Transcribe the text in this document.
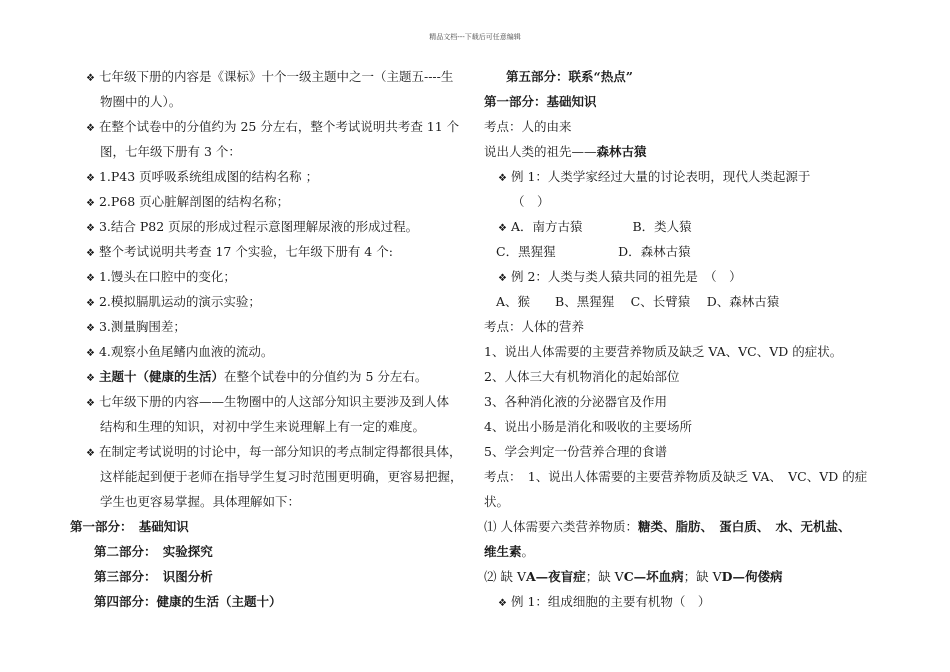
精品文档---下载后可任意编辑
❖ 七年级下册的内容是《课标》十个一级主题中之一（主题五----生
物圈中的人）。
❖ 在整个试卷中的分值约为 25 分左右，整个考试说明共考查 11 个
图，七年级下册有 3 个：
❖ 1.P43 页呼吸系统组成图的结构名称 ；
❖ 2.P68 页心脏解剖图的结构名称；
❖ 3.结合 P82 页尿的形成过程示意图理解尿液的形成过程。
❖ 整个考试说明共考查 17 个实验，七年级下册有 4 个:
❖ 1.馒头在口腔中的变化；
❖ 2.模拟膈肌运动的演示实验；
❖ 3.测量胸围差；
❖ 4.观察小鱼尾鳍内血液的流动。
❖ 主题十（健康的生活）在整个试卷中的分值约为 5 分左右。
❖ 七年级下册的内容——生物圈中的人这部分知识主要涉及到人体
结构和生理的知识，对初中学生来说理解上有一定的难度。
❖ 在制定考试说明的讨论中，每一部分知识的考点制定得都很具体，
这样能起到便于老师在指导学生复习时范围更明确，更容易把握，
学生也更容易掌握。具体理解如下：
第一部分：　基础知识
第二部分：　实验探究
第三部分：　识图分析
第四部分：健康的生活（主题十）
第五部分：联系“热点”
第一部分：基础知识
考点：人的由来
说出人类的祖先——森林古猿
❖ 例 1：人类学家经过大量的讨论表明，现代人类起源于
（　）
❖ A．南方古猿　　　　B．类人猿
C．黑猩猩　　　　　D．森林古猿
❖ 例 2：人类与类人猿共同的祖先是　（　）
A、猴　　B、黑猩猩　 C、长臂猿　 D、森林古猿
考点：人体的营养
1、说出人体需要的主要营养物质及缺乏 VA、VC、VD 的症状。
2、人体三大有机物消化的起始部位
3、各种消化液的分泌器官及作用
4、说出小肠是消化和吸收的主要场所
5、学会判定一份营养合理的食谱
考点：　1、说出人体需要的主要营养物质及缺乏 VA、　VC、VD 的症
状。
⑴ 人体需要六类营养物质：糖类、脂肪、　蛋白质、　水、无机盐、
维生素。
⑵ 缺 VA—夜盲症；缺 VC—坏血病；缺 VD—佝偻病
❖ 例 1：组成细胞的主要有机物（　）
